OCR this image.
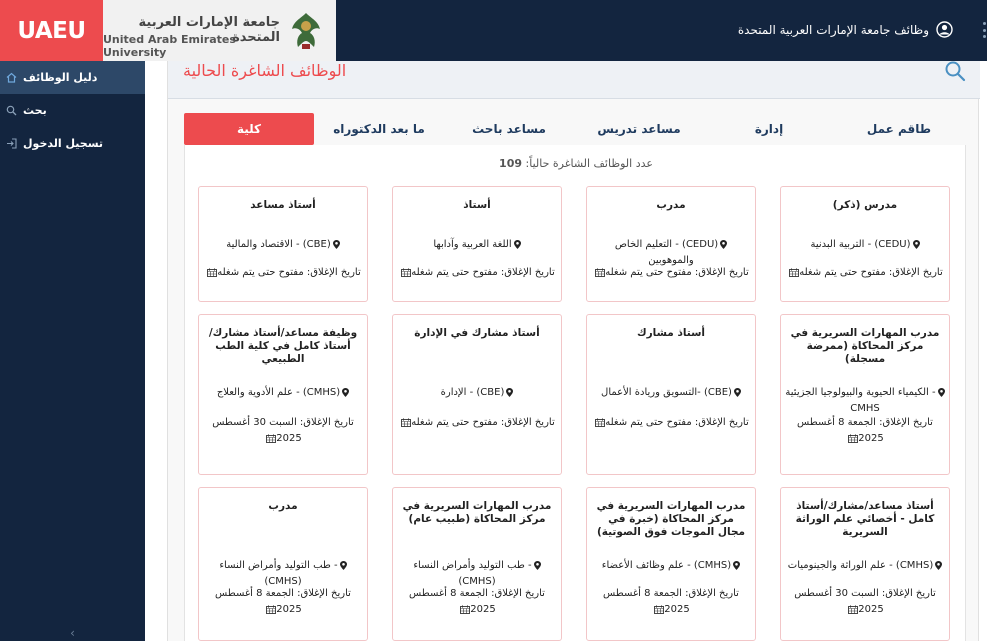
UAEU	جامعة الإمارات العربية المتحدة
United Arab Emirates University
وظائف جامعة الإمارات العربية المتحدة
دليل الوظائف
بحث
تسجيل الدخول
‹
الوظائف الشاغرة الحالية
طاقم عمل
إدارة
مساعد تدريس
مساعد باحث
ما بعد الدكتوراه
كلية
عدد الوظائف الشاغرة حالياً: 109
مدرس (ذكر)
(CEDU) - التربية البدنية
تاريخ الإغلاق: مفتوح حتى يتم شغله
مدرب
(CEDU) - التعليم الخاص والموهوبين
تاريخ الإغلاق: مفتوح حتى يتم شغله
أستاذ
اللغة العربية وآدابها
تاريخ الإغلاق: مفتوح حتى يتم شغله
أستاذ مساعد
(CBE) - الاقتصاد والمالية
تاريخ الإغلاق: مفتوح حتى يتم شغله
مدرب المهارات السريرية في مركز المحاكاة (ممرضة مسجلة)
- الكيمياء الحيوية والبيولوجيا الجزيئية CMHS
تاريخ الإغلاق: الجمعة 8 أغسطس 2025
أستاذ مشارك
(CBE) -التسويق وريادة الأعمال
تاريخ الإغلاق: مفتوح حتى يتم شغله
أستاذ مشارك في الإدارة
(CBE) - الإدارة
تاريخ الإغلاق: مفتوح حتى يتم شغله
وظيفة مساعد/أستاذ مشارك/أستاذ كامل في كلية الطب الطبيعي
(CMHS) - علم الأدوية والعلاج
تاريخ الإغلاق: السبت 30 أغسطس 2025
أستاذ مساعد/مشارك/أستاذ كامل - أخصائي علم الوراثة السريرية
(CMHS) - علم الوراثة والجينوميات
تاريخ الإغلاق: السبت 30 أغسطس 2025
مدرب المهارات السريرية في مركز المحاكاة (خبرة في مجال الموجات فوق الصوتية)
(CMHS) - علم وظائف الأعضاء
تاريخ الإغلاق: الجمعة 8 أغسطس 2025
مدرب المهارات السريرية في مركز المحاكاة (طبيب عام)
- طب التوليد وأمراض النساء (CMHS)
تاريخ الإغلاق: الجمعة 8 أغسطس 2025
مدرب
- طب التوليد وأمراض النساء (CMHS)
تاريخ الإغلاق: الجمعة 8 أغسطس 2025
